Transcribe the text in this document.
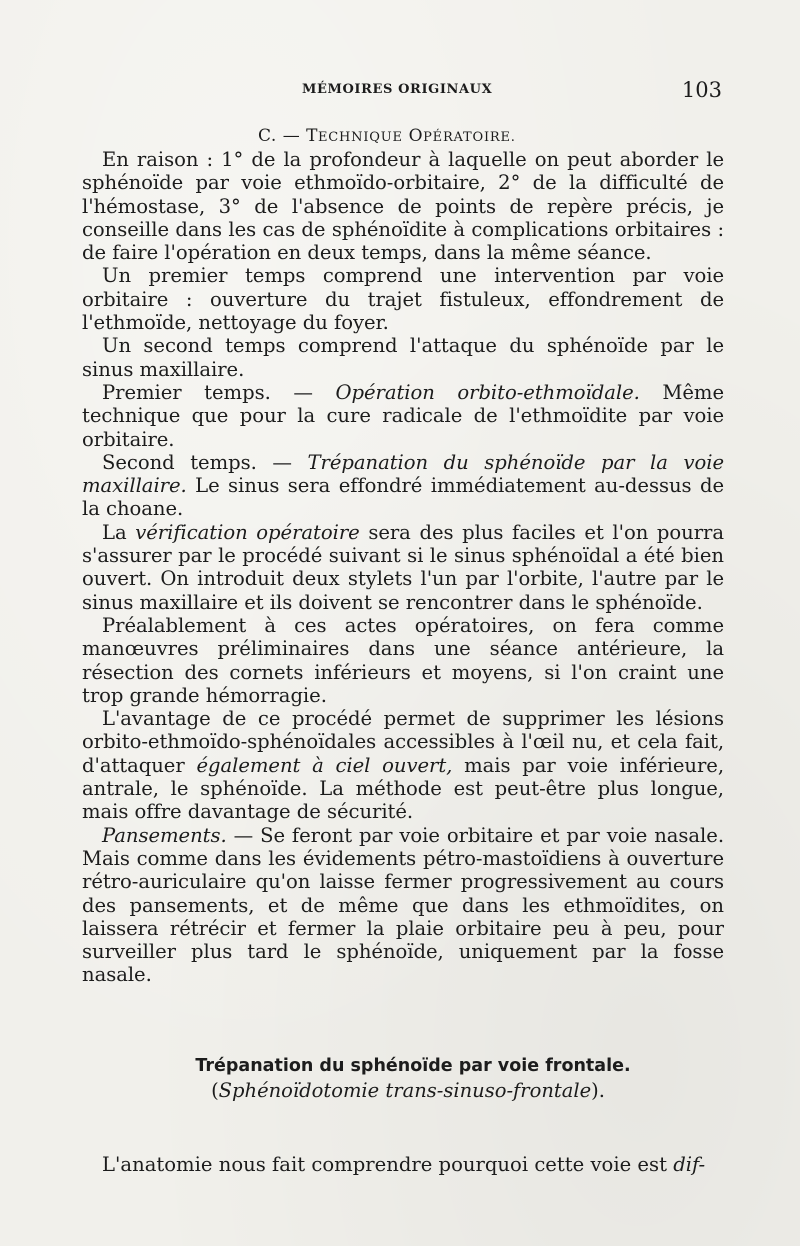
MÉMOIRES ORIGINAUX	103
C. — TECHNIQUE OPÉRATOIRE.

En raison : 1° de la profondeur à laquelle on peut aborder le sphénoïde par voie ethmoïdo-orbitaire, 2° de la difficulté de l'hémostase, 3° de l'absence de points de repère précis, je conseille dans les cas de sphénoïdite à complications orbitaires : de faire l'opération en deux temps, dans la même séance.

Un premier temps comprend une intervention par voie orbitaire : ouverture du trajet fistuleux, effondrement de l'ethmoïde, nettoyage du foyer.

Un second temps comprend l'attaque du sphénoïde par le sinus maxillaire.

Premier temps. — Opération orbito-ethmoïdale. Même technique que pour la cure radicale de l'ethmoïdite par voie orbitaire.

Second temps. — Trépanation du sphénoïde par la voie maxillaire. Le sinus sera effondré immédiatement au-dessus de la choane.

La vérification opératoire sera des plus faciles et l'on pourra s'assurer par le procédé suivant si le sinus sphénoïdal a été bien ouvert. On introduit deux stylets l'un par l'orbite, l'autre par le sinus maxillaire et ils doivent se rencontrer dans le sphénoïde.

Préalablement à ces actes opératoires, on fera comme manœuvres préliminaires dans une séance antérieure, la résection des cornets inférieurs et moyens, si l'on craint une trop grande hémorragie.

L'avantage de ce procédé permet de supprimer les lésions orbito-ethmoïdo-sphénoïdales accessibles à l'œil nu, et cela fait, d'attaquer également à ciel ouvert, mais par voie inférieure, antrale, le sphénoïde. La méthode est peut-être plus longue, mais offre davantage de sécurité.

Pansements. — Se feront par voie orbitaire et par voie nasale. Mais comme dans les évidements pétro-mastoïdiens à ouverture rétro-auriculaire qu'on laisse fermer progressivement au cours des pansements, et de même que dans les ethmoïdites, on laissera rétrécir et fermer la plaie orbitaire peu à peu, pour surveiller plus tard le sphénoïde, uniquement par la fosse nasale.

Trépanation du sphénoïde par voie frontale.
(Sphénoïdotomie trans-sinuso-frontale).
L'anatomie nous fait comprendre pourquoi cette voie est dif-
